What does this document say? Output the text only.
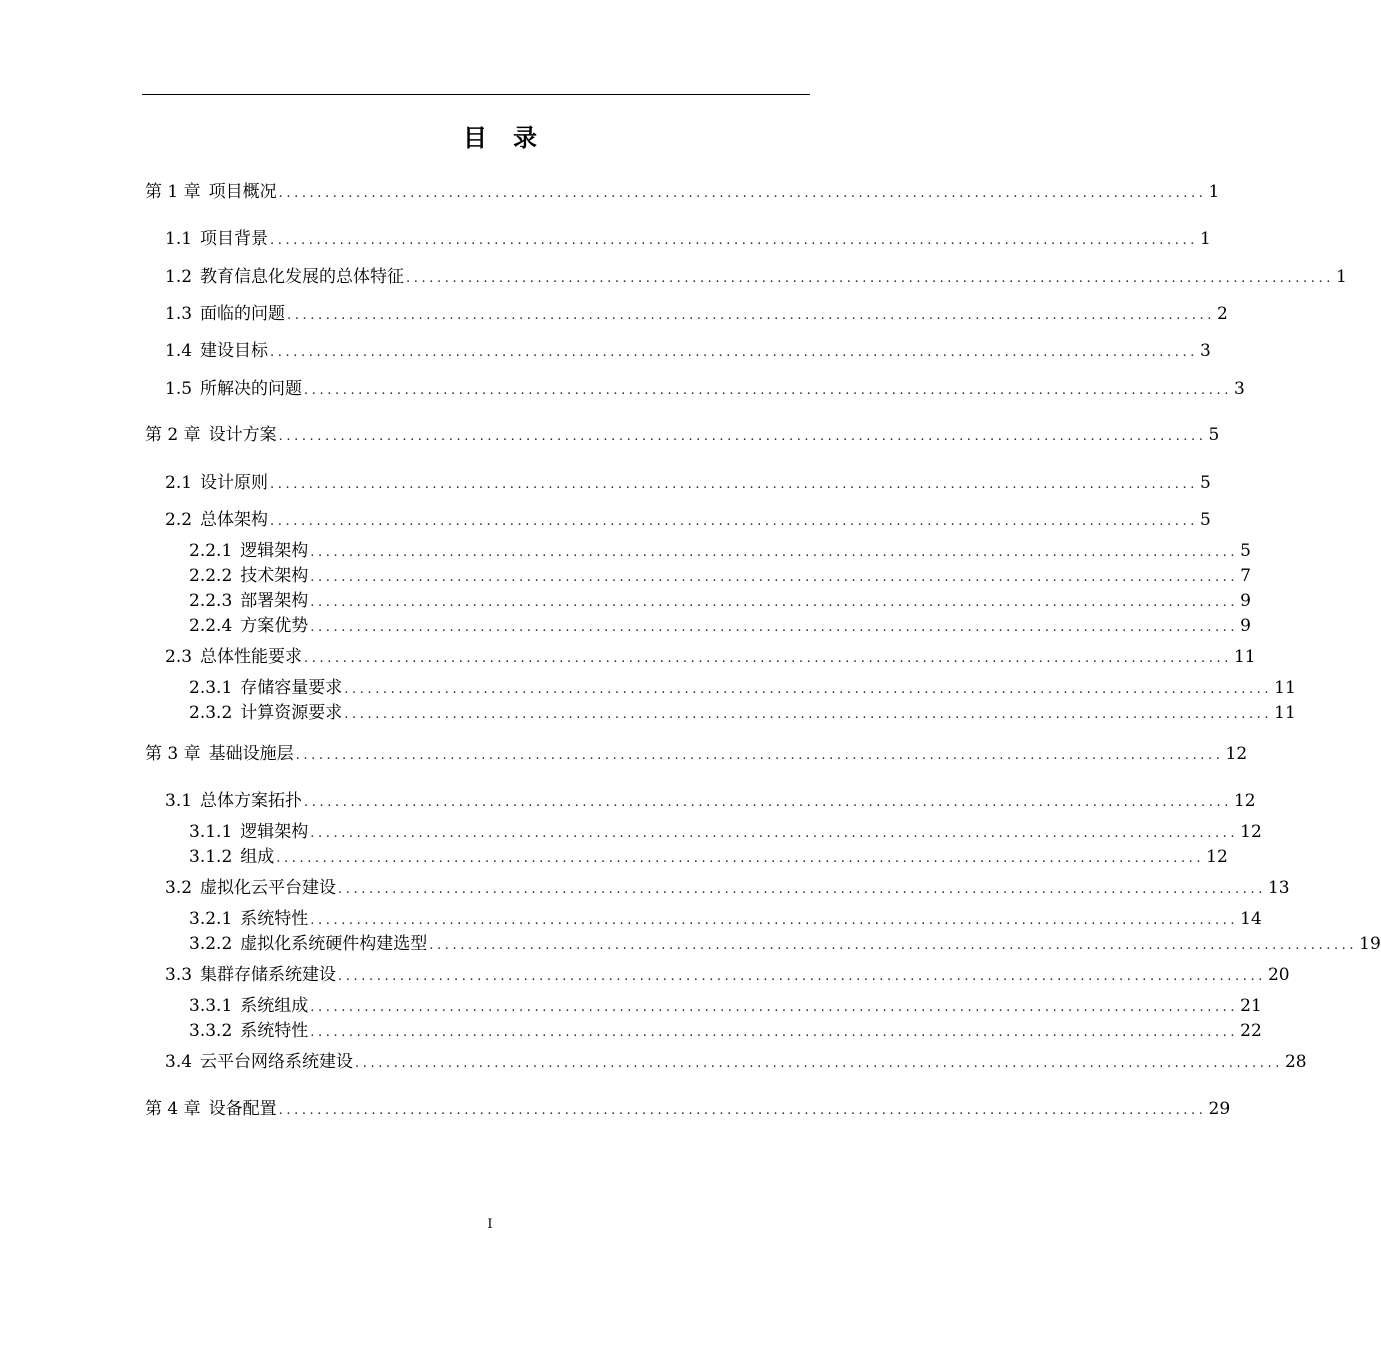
目 录
第 1 章 项目概况 ........................................................................................................................ 1
1.1 项目背景 ........................................................................................................................ 1
1.2 教育信息化发展的总体特征 ........................................................................................................................ 1
1.3 面临的问题 ........................................................................................................................ 2
1.4 建设目标 ........................................................................................................................ 3
1.5 所解决的问题 ........................................................................................................................ 3
第 2 章 设计方案 ........................................................................................................................ 5
2.1 设计原则 ........................................................................................................................ 5
2.2 总体架构 ........................................................................................................................ 5
2.2.1 逻辑架构 ........................................................................................................................ 5
2.2.2 技术架构 ........................................................................................................................ 7
2.2.3 部署架构 ........................................................................................................................ 9
2.2.4 方案优势 ........................................................................................................................ 9
2.3 总体性能要求 ........................................................................................................................ 11
2.3.1 存储容量要求 ........................................................................................................................ 11
2.3.2 计算资源要求 ........................................................................................................................ 11
第 3 章 基础设施层 ........................................................................................................................ 12
3.1 总体方案拓扑 ........................................................................................................................ 12
3.1.1 逻辑架构 ........................................................................................................................ 12
3.1.2 组成 ........................................................................................................................ 12
3.2 虚拟化云平台建设 ........................................................................................................................ 13
3.2.1 系统特性 ........................................................................................................................ 14
3.2.2 虚拟化系统硬件构建选型 ........................................................................................................................ 19
3.3 集群存储系统建设 ........................................................................................................................ 20
3.3.1 系统组成 ........................................................................................................................ 21
3.3.2 系统特性 ........................................................................................................................ 22
3.4 云平台网络系统建设 ........................................................................................................................ 28
第 4 章 设备配置 ........................................................................................................................ 29
I
